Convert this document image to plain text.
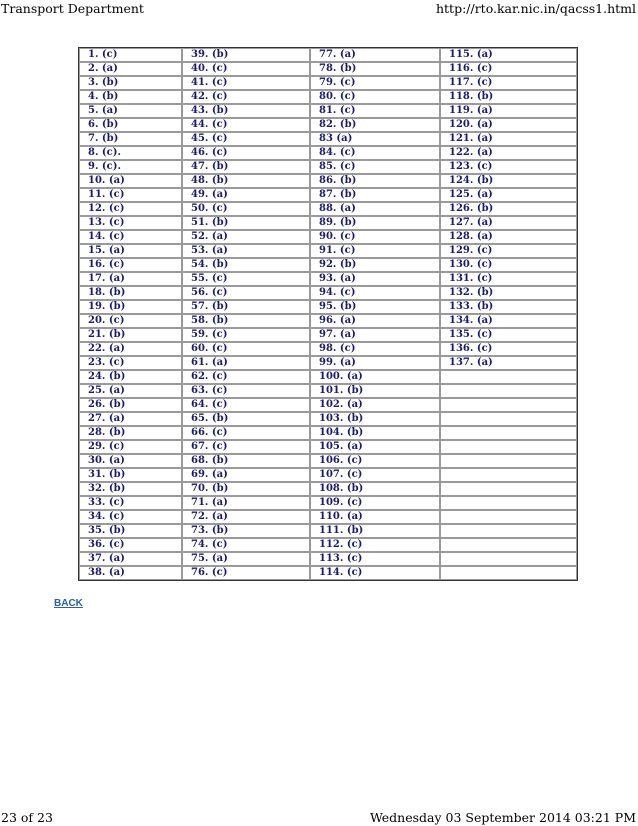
Transport Department	http://rto.kar.nic.in/qacss1.html
1. (c)	39. (b)	77. (a)	115. (a)
2. (a)	40. (c)	78. (b)	116. (c)
3. (b)	41. (c)	79. (c)	117. (c)
4. (b)	42. (c)	80. (c)	118. (b)
5. (a)	43. (b)	81. (c)	119. (a)
6. (b)	44. (c)	82. (b)	120. (a)
7. (b)	45. (c)	83 (a)	121. (a)
8. (c).	46. (c)	84. (c)	122. (a)
9. (c).	47. (b)	85. (c)	123. (c)
10. (a)	48. (b)	86. (b)	124. (b)
11. (c)	49. (a)	87. (b)	125. (a)
12. (c)	50. (c)	88. (a)	126. (b)
13. (c)	51. (b)	89. (b)	127. (a)
14. (c)	52. (a)	90. (c)	128. (a)
15. (a)	53. (a)	91. (c)	129. (c)
16. (c)	54. (b)	92. (b)	130. (c)
17. (a)	55. (c)	93. (a)	131. (c)
18. (b)	56. (c)	94. (c)	132. (b)
19. (b)	57. (b)	95. (b)	133. (b)
20. (c)	58. (b)	96. (a)	134. (a)
21. (b)	59. (c)	97. (a)	135. (c)
22. (a)	60. (c)	98. (c)	136. (c)
23. (c)	61. (a)	99. (a)	137. (a)
24. (b)	62. (c)	100. (a)	
25. (a)	63. (c)	101. (b)	
26. (b)	64. (c)	102. (a)	
27. (a)	65. (b)	103. (b)	
28. (b)	66. (c)	104. (b)	
29. (c)	67. (c)	105. (a)	
30. (a)	68. (b)	106. (c)	
31. (b)	69. (a)	107. (c)	
32. (b)	70. (b)	108. (b)	
33. (c)	71. (a)	109. (c)	
34. (c)	72. (a)	110. (a)	
35. (b)	73. (b)	111. (b)	
36. (c)	74. (c)	112. (c)	
37. (a)	75. (a)	113. (c)	
38. (a)	76. (c)	114. (c)	
BACK
23 of 23	Wednesday 03 September 2014 03:21 PM
